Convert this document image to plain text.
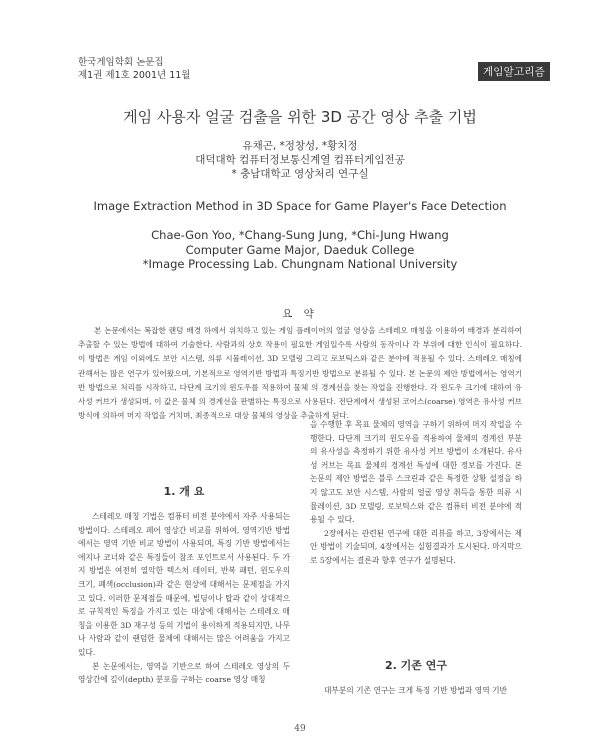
한국게임학회 논문집
제1권 제1호 2001년 11월	게임알고리즘
게임 사용자 얼굴 검출을 위한 3D 공간 영상 추출 기법
유채곤, *정창성, *황치정
대덕대학 컴퓨터정보통신계열 컴퓨터게임전공
* 충남대학교 영상처리 연구실
Image Extraction Method in 3D Space for Game Player's Face Detection
Chae-Gon Yoo, *Chang-Sung Jung, *Chi-Jung Hwang
Computer Game Major, Daeduk College
*Image Processing Lab. Chungnam National University
요 약

본 논문에서는 복잡한 랜덤 배경 하에서 위치하고 있는 게임 플레이어의 얼굴 영상을 스테레오 매칭을 이용하여 배경과 분리하여 추출할 수 있는 방법에 대하여 기술한다. 사람과의 상호 작용이 필요한 게임일수록 사람의 동작이나 각 부위에 대한 인식이 필요하다. 이 방법은 게임 이외에도 보안 시스템, 의류 시뮬레이션, 3D 모델링 그리고 로보틱스와 같은 분야에 적용될 수 있다. 스테레오 매칭에 관해서는 많은 연구가 있어왔으며, 기본적으로 영역기반 방법과 특징기반 방법으로 분류될 수 있다. 본 논문의 제안 방법에서는 영역기반 방법으로 처리를 시작하고, 다단계 크기의 윈도우를 적용하여 물체 의 경계선을 찾는 작업을 진행한다. 각 윈도우 크기에 대하여 유사성 커브가 생성되며, 이 값은 물체 의 경계선을 판별하는 특징으로 사용된다. 전단계에서 생성된 코어스(coarse) 영역은 유사성 커브 방식에 의하여 머지 작업을 거치며, 최종적으로 대상 물체의 영상을 추출하게 된다.

1. 개 요

스테레오 매칭 기법은 컴퓨터 비전 분야에서 자주 사용되는 방법이다. 스테레오 페어 영상간 비교를 위하여, 영역기반 방법에서는 영역 기반 비교 방법이 사용되며, 특징 기반 방법에서는 에지나 코너와 같은 특징들이 참조 포인트로서 사용된다. 두 가지 방법은 여전히 열악한 텍스처 데이터, 반복 패턴, 윈도우의 크기, 폐색(occlusion)과 같은 현상에 대해서는 문제점을 가지고 있다. 이러한 문제점들 때문에, 빌딩이나 탑과 같이 상대적으로 규칙적인 특징을 가지고 있는 대상에 대해서는 스테레오 매칭을 이용한 3D 재구성 등의 기법이 용이하게 적용되지만, 나무나 사람과 같이 랜덤한 물체에 대해서는 많은 어려움을 가지고 있다.

본 논문에서는, 영역을 기반으로 하여 스테레오 영상의 두 영상간에 깊이(depth) 분포를 구하는 coarse 영상 매칭

을 수행한 후 목표 물체의 영역을 구하기 위하여 머지 작업을 수행한다. 다단계 크기의 윈도우를 적용하여 물체의 경계선 부분의 유사성을 측정하기 위한 유사성 커브 방법이 소개된다. 유사성 커브는 목표 물체의 경계선 특성에 대한 정보를 가진다. 본 논문의 제안 방법은 블루 스크린과 같은 특정한 상황 설정을 하지 않고도 보안 시스템, 사람의 얼굴 영상 취득을 통한 의류 시뮬레이션, 3D 모델링, 로보틱스와 같은 컴퓨터 비전 분야에 적용될 수 있다.

2장에서는 관련된 연구에 대한 리뷰를 하고, 3장에서는 제안 방법이 기술되며, 4장에서는 실험결과가 도시된다. 마지막으로 5장에서는 결론과 향후 연구가 설명된다.

2. 기존 연구

대부분의 기존 연구는 크게 특징 기반 방법과 영역 기반

49
